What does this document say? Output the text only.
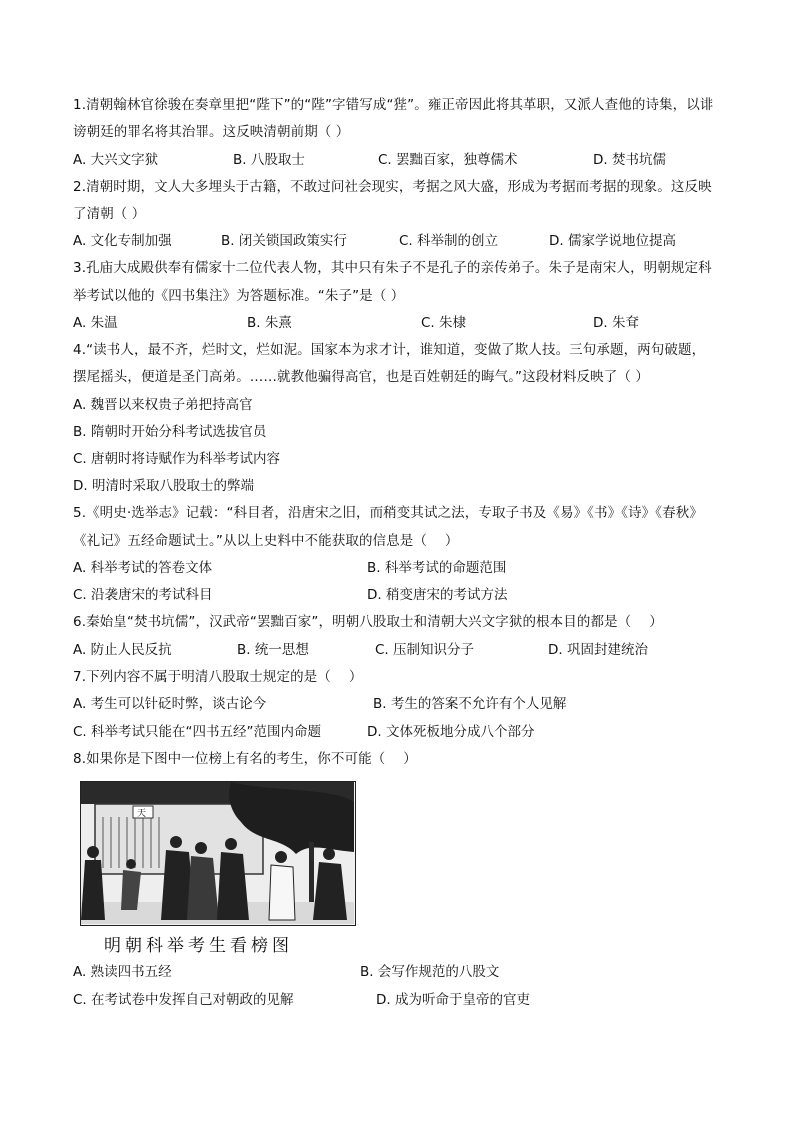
1.清朝翰林官徐骏在奏章里把“陛下”的“陛”字错写成“狴”。雍正帝因此将其革职，又派人查他的诗集，以诽
谤朝廷的罪名将其治罪。这反映清朝前期（ ）
A. 大兴文字狱	B. 八股取士	C. 罢黜百家，独尊儒术	D. 焚书坑儒
2.清朝时期，文人大多埋头于古籍，不敢过问社会现实，考据之风大盛，形成为考据而考据的现象。这反映
了清朝（ ）
A. 文化专制加强	B. 闭关锁国政策实行	C. 科举制的创立	D. 儒家学说地位提高
3.孔庙大成殿供奉有儒家十二位代表人物，其中只有朱子不是孔子的亲传弟子。朱子是南宋人，明朝规定科
举考试以他的《四书集注》为答题标准。“朱子”是（ ）
A. 朱温	B. 朱熹	C. 朱棣	D. 朱耷
4.“读书人，最不齐，烂时文，烂如泥。国家本为求才计，谁知道，变做了欺人技。三句承题，两句破题，
摆尾摇头，便道是圣门高弟。……就教他骗得高官，也是百姓朝廷的晦气。”这段材料反映了（ ）
A. 魏晋以来权贵子弟把持高官
B. 隋朝时开始分科考试选拔官员
C. 唐朝时将诗赋作为科举考试内容
D. 明清时采取八股取士的弊端
5.《明史·选举志》记载：“科目者，沿唐宋之旧，而稍变其试之法，专取子书及《易》《书》《诗》《春秋》
《礼记》五经命题试士。”从以上史料中不能获取的信息是（　 ）
A. 科举考试的答卷文体	B. 科举考试的命题范围
C. 沿袭唐宋的考试科目	D. 稍变唐宋的考试方法
6.秦始皇“焚书坑儒”，汉武帝“罢黜百家”，明朝八股取士和清朝大兴文字狱的根本目的都是（　 ）
A. 防止人民反抗	B. 统一思想	C. 压制知识分子	D. 巩固封建统治
7.下列内容不属于明清八股取士规定的是（　 ）
A. 考生可以针砭时弊，谈古论今	B. 考生的答案不允许有个人见解
C. 科举考试只能在“四书五经”范围内命题	D. 文体死板地分成八个部分
8.如果你是下图中一位榜上有名的考生，你不可能（　 ）
天
明朝科举考生看榜图
A. 熟读四书五经	B. 会写作规范的八股文
C. 在考试卷中发挥自己对朝政的见解	D. 成为听命于皇帝的官吏
